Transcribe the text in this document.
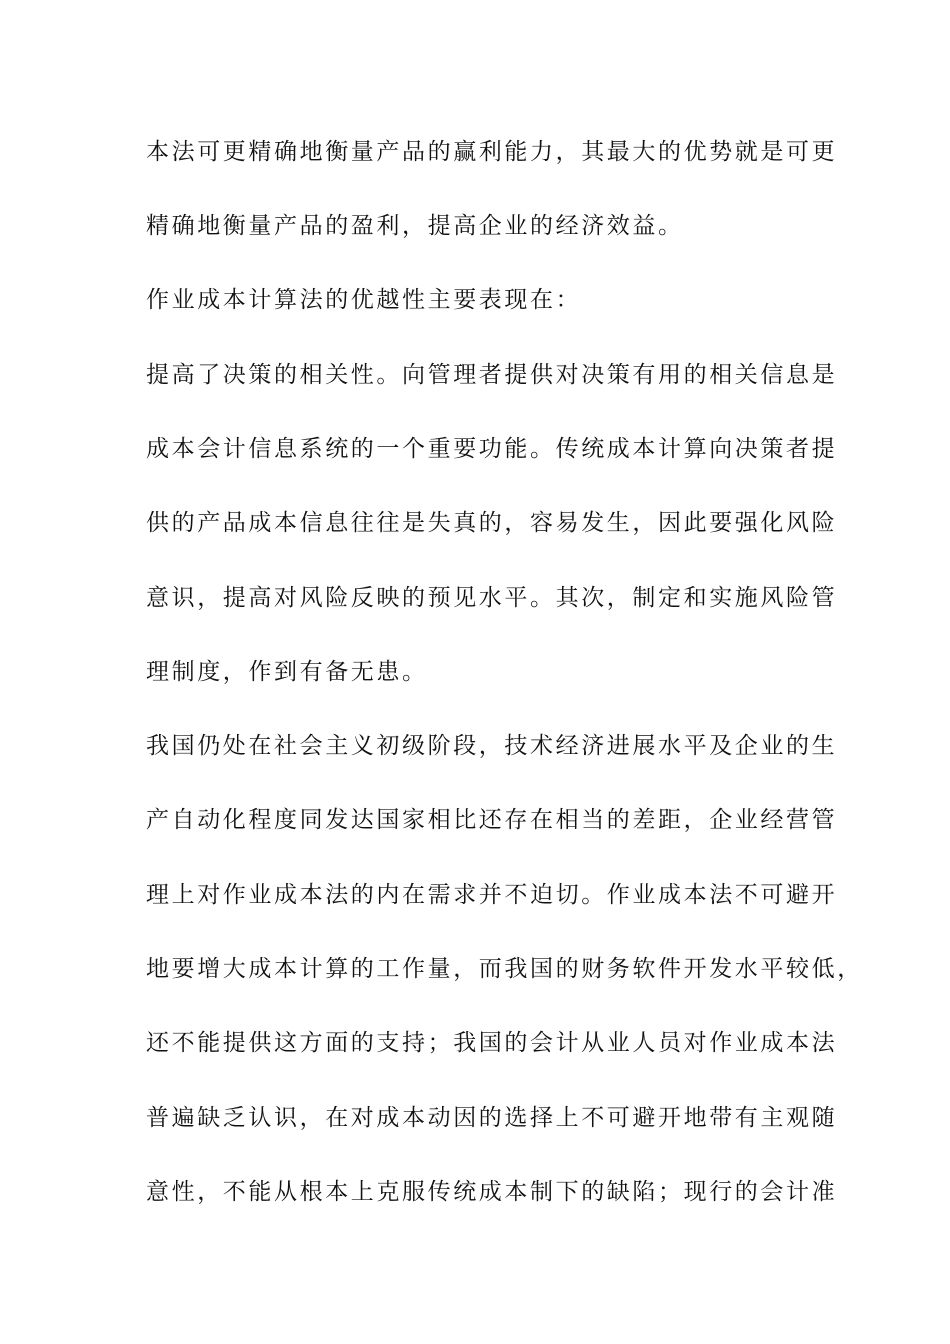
本法可更精确地衡量产品的赢利能力，其最大的优势就是可更
精确地衡量产品的盈利，提高企业的经济效益。
作业成本计算法的优越性主要表现在：
提高了决策的相关性。向管理者提供对决策有用的相关信息是
成本会计信息系统的一个重要功能。传统成本计算向决策者提
供的产品成本信息往往是失真的，容易发生，因此要强化风险
意识，提高对风险反映的预见水平。其次，制定和实施风险管
理制度，作到有备无患。
我国仍处在社会主义初级阶段，技术经济进展水平及企业的生
产自动化程度同发达国家相比还存在相当的差距，企业经营管
理上对作业成本法的内在需求并不迫切。作业成本法不可避开
地要增大成本计算的工作量，而我国的财务软件开发水平较低，
还不能提供这方面的支持；我国的会计从业人员对作业成本法
普遍缺乏认识，在对成本动因的选择上不可避开地带有主观随
意性，不能从根本上克服传统成本制下的缺陷；现行的会计准
